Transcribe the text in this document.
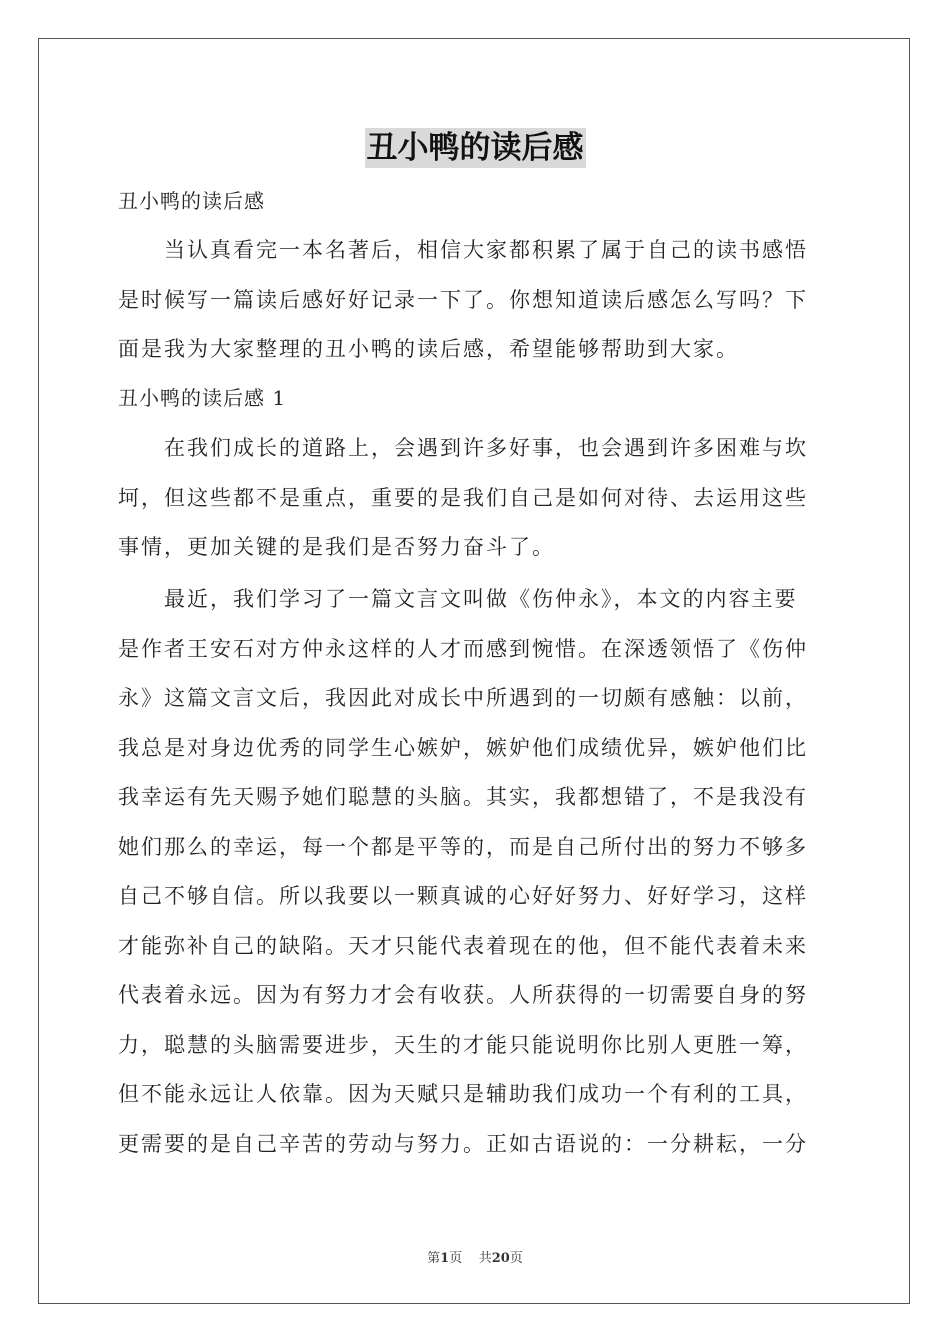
丑小鸭的读后感
丑小鸭的读后感
当认真看完一本名著后，相信大家都积累了属于自己的读书感悟
是时候写一篇读后感好好记录一下了。你想知道读后感怎么写吗？下
面是我为大家整理的丑小鸭的读后感，希望能够帮助到大家。
丑小鸭的读后感 1
在我们成长的道路上，会遇到许多好事，也会遇到许多困难与坎
坷，但这些都不是重点，重要的是我们自己是如何对待、去运用这些
事情，更加关键的是我们是否努力奋斗了。
最近，我们学习了一篇文言文叫做《伤仲永》，本文的内容主要
是作者王安石对方仲永这样的人才而感到惋惜。在深透领悟了《伤仲
永》这篇文言文后，我因此对成长中所遇到的一切颇有感触：以前，
我总是对身边优秀的同学生心嫉妒，嫉妒他们成绩优异，嫉妒他们比
我幸运有先天赐予她们聪慧的头脑。其实，我都想错了，不是我没有
她们那么的幸运，每一个都是平等的，而是自己所付出的努力不够多
自己不够自信。所以我要以一颗真诚的心好好努力、好好学习，这样
才能弥补自己的缺陷。天才只能代表着现在的他，但不能代表着未来
代表着永远。因为有努力才会有收获。人所获得的一切需要自身的努
力，聪慧的头脑需要进步，天生的才能只能说明你比别人更胜一筹，
但不能永远让人依靠。因为天赋只是辅助我们成功一个有利的工具，
更需要的是自己辛苦的劳动与努力。正如古语说的：一分耕耘，一分
第1页 共20页
